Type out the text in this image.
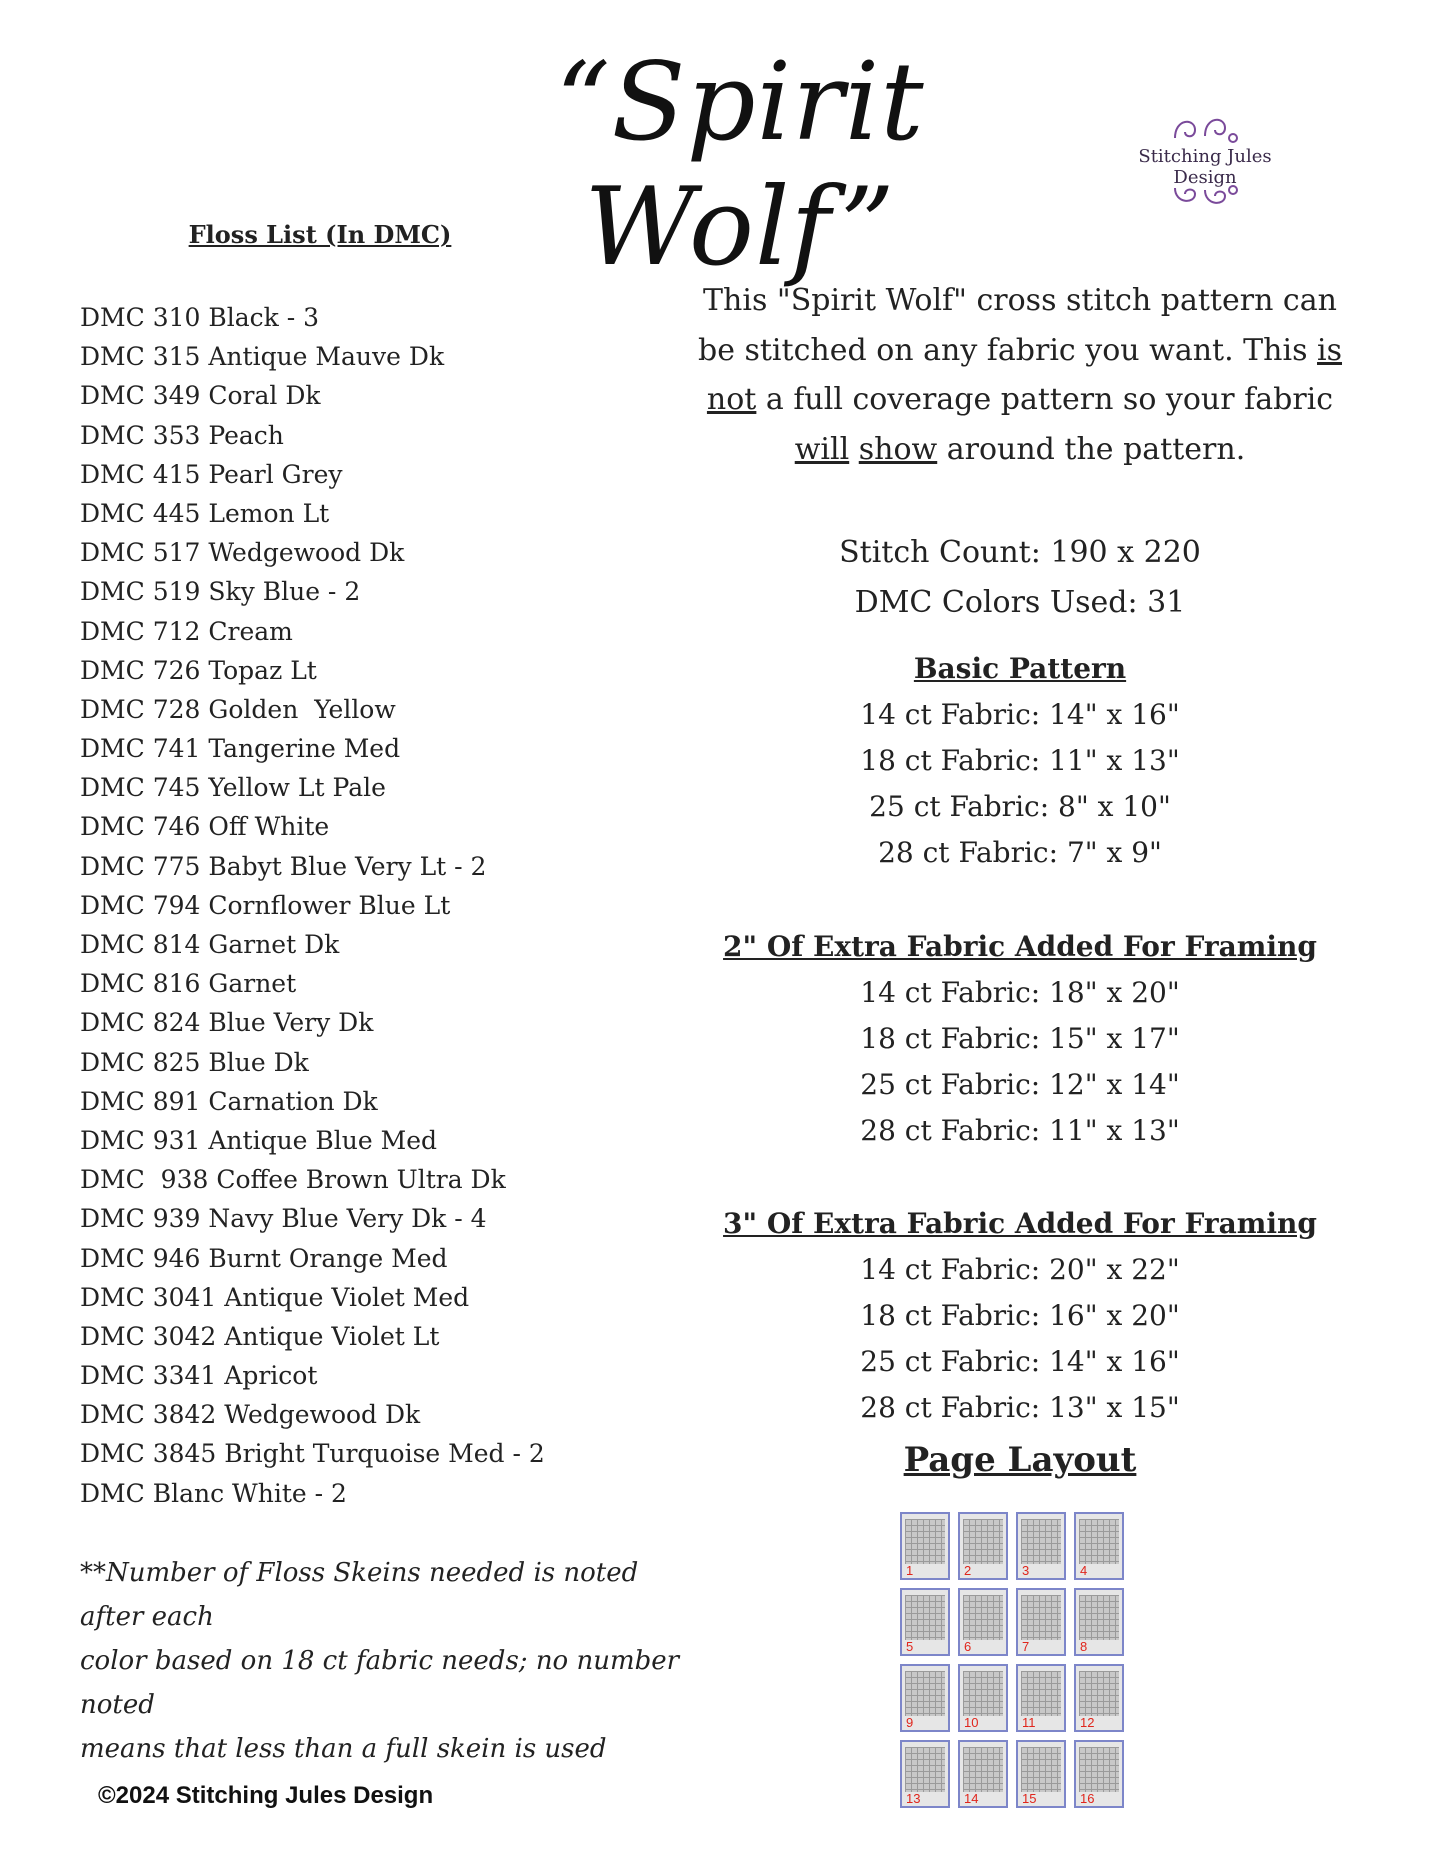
“Spirit Wolf”
Stitching Jules Design
Floss List (In DMC)
DMC 310 Black - 3
DMC 315 Antique Mauve Dk
DMC 349 Coral Dk
DMC 353 Peach
DMC 415 Pearl Grey
DMC 445 Lemon Lt
DMC 517 Wedgewood Dk
DMC 519 Sky Blue - 2
DMC 712 Cream
DMC 726 Topaz Lt
DMC 728 Golden  Yellow
DMC 741 Tangerine Med
DMC 745 Yellow Lt Pale
DMC 746 Off White
DMC 775 Babyt Blue Very Lt - 2
DMC 794 Cornflower Blue Lt
DMC 814 Garnet Dk
DMC 816 Garnet
DMC 824 Blue Very Dk
DMC 825 Blue Dk
DMC 891 Carnation Dk
DMC 931 Antique Blue Med
DMC  938 Coffee Brown Ultra Dk
DMC 939 Navy Blue Very Dk - 4
DMC 946 Burnt Orange Med
DMC 3041 Antique Violet Med
DMC 3042 Antique Violet Lt
DMC 3341 Apricot
DMC 3842 Wedgewood Dk
DMC 3845 Bright Turquoise Med - 2
DMC Blanc White - 2
**Number of Floss Skeins needed is noted after each
color based on 18 ct fabric needs; no number noted
means that less than a full skein is used
©2024 Stitching Jules Design
This "Spirit Wolf" cross stitch pattern can be stitched on any fabric you want. This is not a full coverage pattern so your fabric will show around the pattern.
Stitch Count: 190 x 220
DMC Colors Used: 31
Basic Pattern
14 ct Fabric: 14" x 16"
18 ct Fabric: 11" x 13"
25 ct Fabric: 8" x 10"
28 ct Fabric: 7" x 9"
2" Of Extra Fabric Added For Framing
14 ct Fabric: 18" x 20"
18 ct Fabric: 15" x 17"
25 ct Fabric: 12" x 14"
28 ct Fabric: 11" x 13"
3" Of Extra Fabric Added For Framing
14 ct Fabric: 20" x 22"
18 ct Fabric: 16" x 20"
25 ct Fabric: 14" x 16"
28 ct Fabric: 13" x 15"
Page Layout
1	2	3	4
5	6	7	8
9	10	11	12
13	14	15	16
